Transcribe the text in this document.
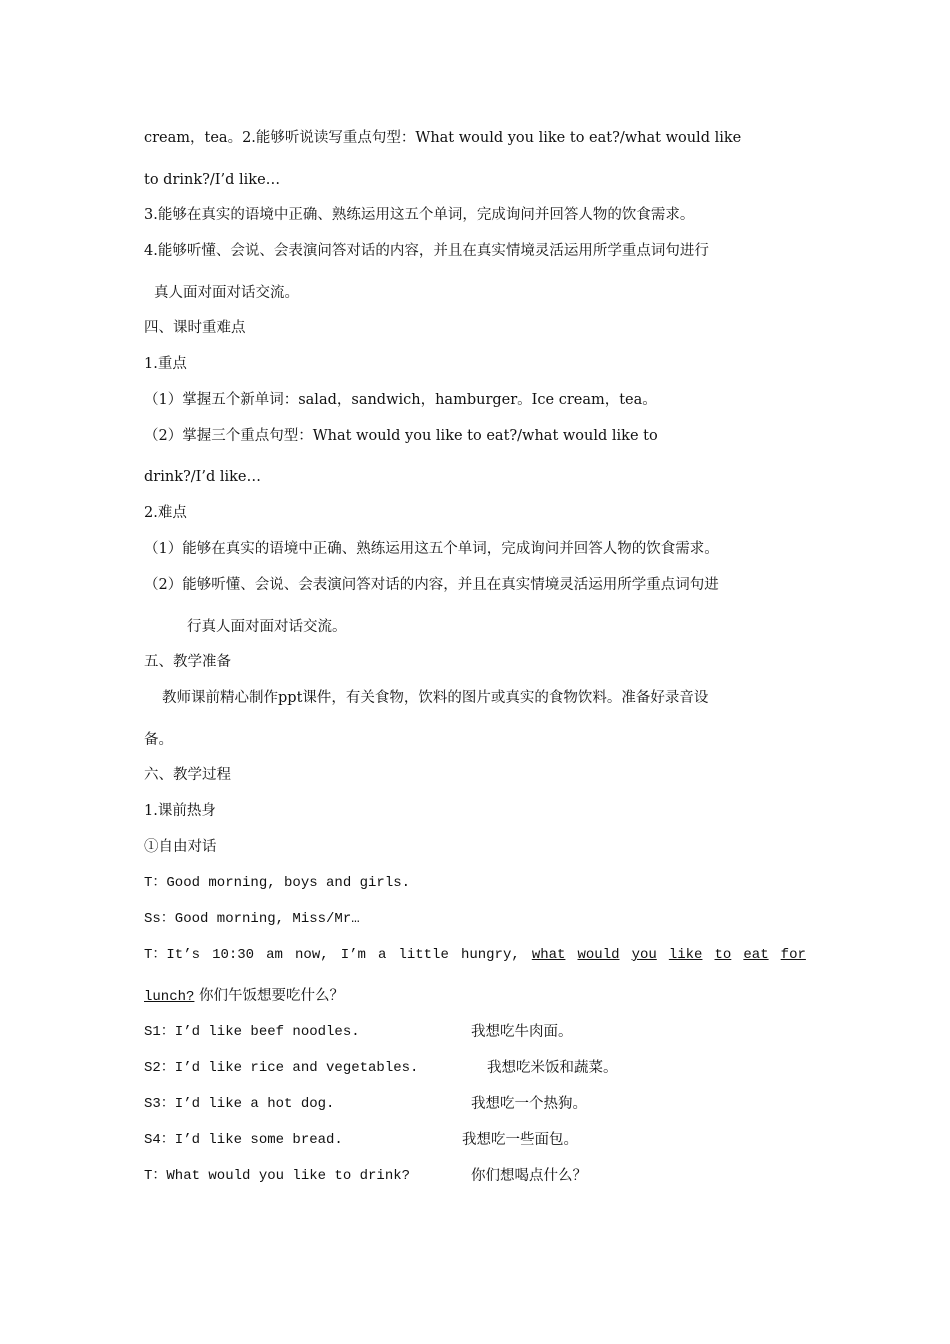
cream，tea。2.能够听说读写重点句型：What would you like to eat?/what would like
to drink?/I’d like…
3.能够在真实的语境中正确、熟练运用这五个单词，完成询问并回答人物的饮食需求。
4.能够听懂、会说、会表演问答对话的内容，并且在真实情境灵活运用所学重点词句进行
真人面对面对话交流。
四、课时重难点
1.重点
（1）掌握五个新单词：salad，sandwich，hamburger。Ice cream，tea。
（2）掌握三个重点句型：What would you like to eat?/what would like to
drink?/I’d like…
2.难点
（1）能够在真实的语境中正确、熟练运用这五个单词，完成询问并回答人物的饮食需求。
（2）能够听懂、会说、会表演问答对话的内容，并且在真实情境灵活运用所学重点词句进
行真人面对面对话交流。
五、教学准备
教师课前精心制作ppt课件，有关食物，饮料的图片或真实的食物饮料。准备好录音设
备。
六、教学过程
1.课前热身
①自由对话
T：Good morning, boys and girls.
Ss：Good morning, Miss/Mr…
T：It’s 10:30 am now, I’m a little hungry, what would you like to eat for
lunch? 你们午饭想要吃什么？
S1：I’d like beef noodles.	我想吃牛肉面。
S2：I’d like rice and vegetables.	我想吃米饭和蔬菜。
S3：I’d like a hot dog.	我想吃一个热狗。
S4：I’d like some bread.	我想吃一些面包。
T：What would you like to drink?	你们想喝点什么？
